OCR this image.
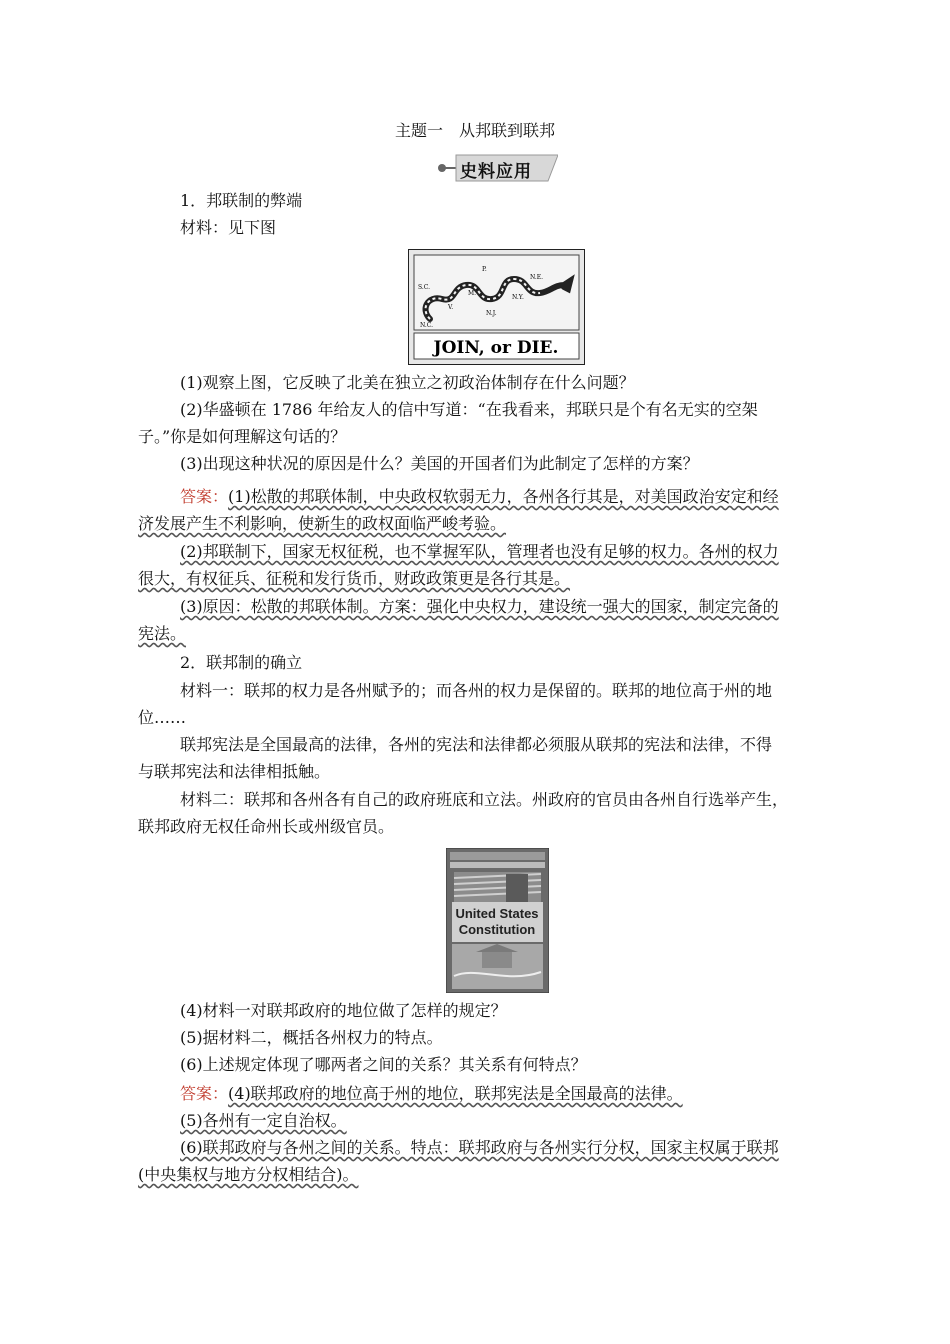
主题一　从邦联到联邦
史料应用
1．邦联制的弊端
材料：见下图
S.C.
N.C.
V.
M.
P.
N.J.
N.Y.
N.E.
JOIN, or DIE.
(1)观察上图，它反映了北美在独立之初政治体制存在什么问题？
(2)华盛顿在 1786 年给友人的信中写道：“在我看来，邦联只是个有名无实的空架
子。”你是如何理解这句话的？
(3)出现这种状况的原因是什么？美国的开国者们为此制定了怎样的方案？
答案：(1)松散的邦联体制，中央政权软弱无力，各州各行其是，对美国政治安定和经
济发展产生不利影响，使新生的政权面临严峻考验。
(2)邦联制下，国家无权征税，也不掌握军队，管理者也没有足够的权力。各州的权力
很大，有权征兵、征税和发行货币，财政政策更是各行其是。
(3)原因：松散的邦联体制。方案：强化中央权力，建设统一强大的国家，制定完备的
宪法。
2．联邦制的确立
材料一：联邦的权力是各州赋予的；而各州的权力是保留的。联邦的地位高于州的地
位……
联邦宪法是全国最高的法律，各州的宪法和法律都必须服从联邦的宪法和法律，不得
与联邦宪法和法律相抵触。
材料二：联邦和各州各有自己的政府班底和立法。州政府的官员由各州自行选举产生，
联邦政府无权任命州长或州级官员。
United States
Constitution
(4)材料一对联邦政府的地位做了怎样的规定？
(5)据材料二，概括各州权力的特点。
(6)上述规定体现了哪两者之间的关系？其关系有何特点？
答案：(4)联邦政府的地位高于州的地位，联邦宪法是全国最高的法律。
(5)各州有一定自治权。
(6)联邦政府与各州之间的关系。特点：联邦政府与各州实行分权，国家主权属于联邦
(中央集权与地方分权相结合)。
